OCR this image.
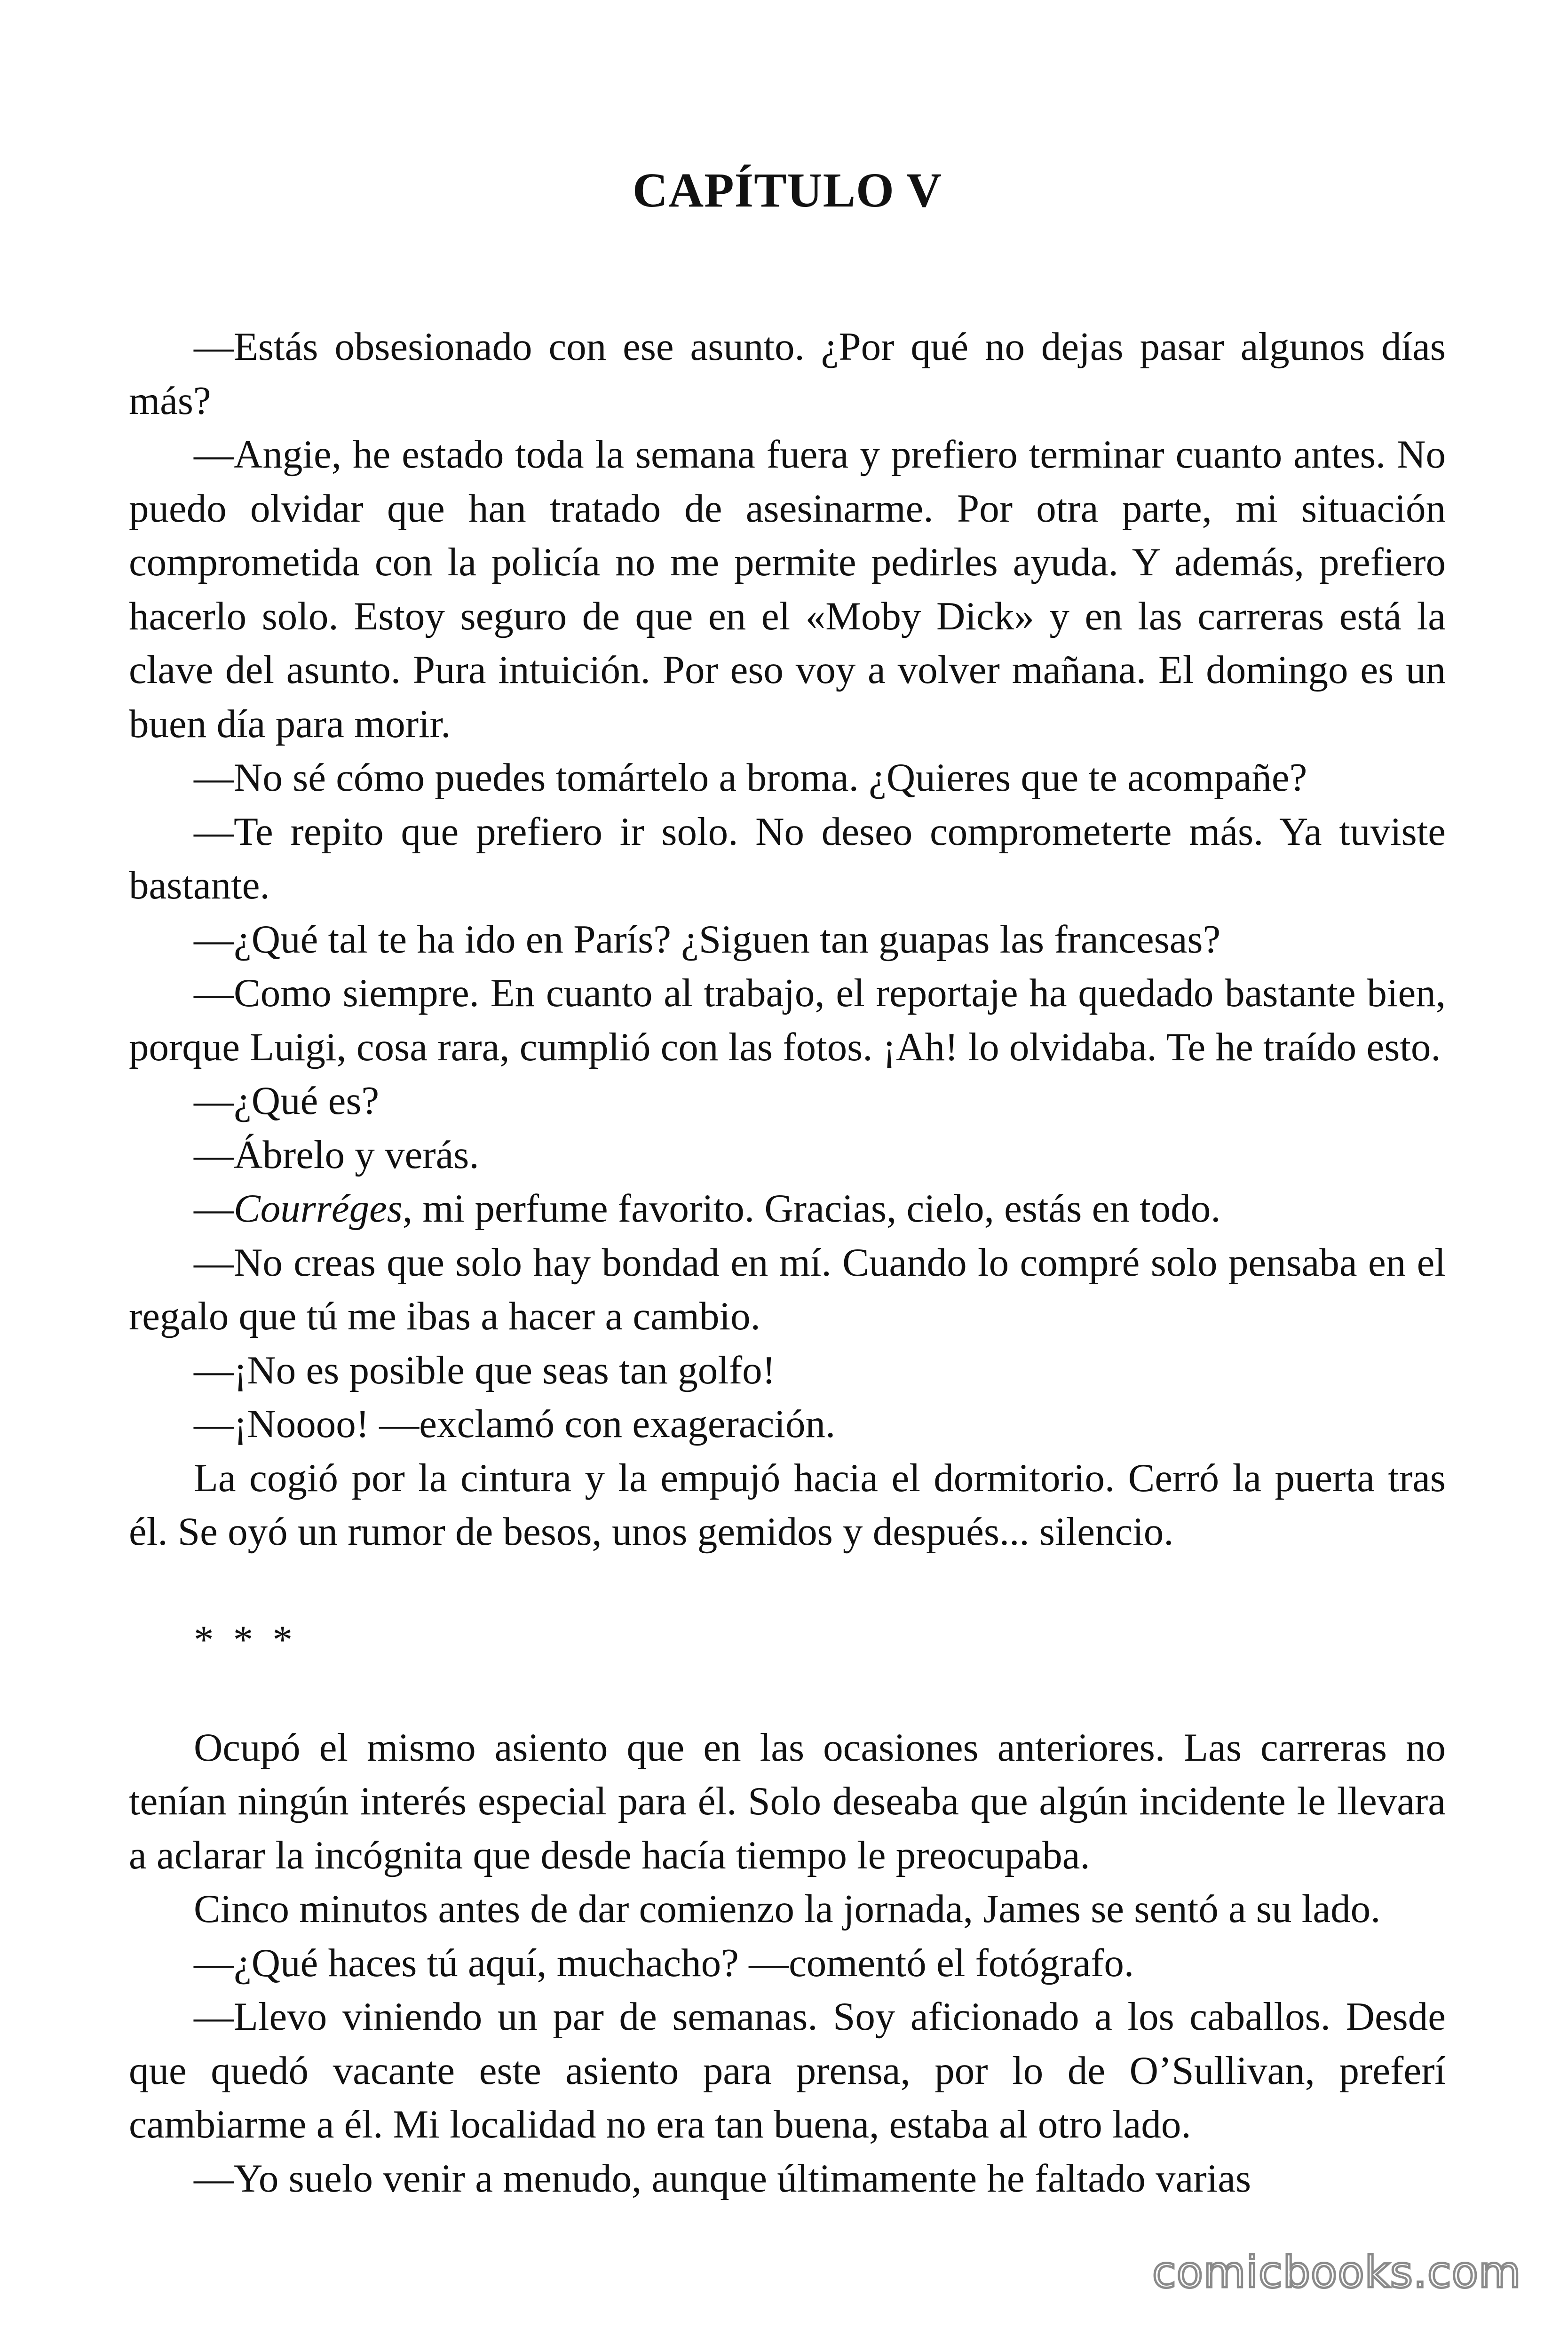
CAPÍTULO V

—Estás obsesionado con ese asunto. ¿Por qué no dejas pasar algunos días más?

—Angie, he estado toda la semana fuera y prefiero terminar cuanto antes. No puedo olvidar que han tratado de asesinarme. Por otra parte, mi situación comprometida con la policía no me permite pedirles ayuda. Y además, prefiero hacerlo solo. Estoy seguro de que en el «Moby Dick» y en las carreras está la clave del asunto. Pura intuición. Por eso voy a volver mañana. El domingo es un buen día para morir.

—No sé cómo puedes tomártelo a broma. ¿Quieres que te acompañe?

—Te repito que prefiero ir solo. No deseo comprometerte más. Ya tuviste bastante.

—¿Qué tal te ha ido en París? ¿Siguen tan guapas las francesas?

—Como siempre. En cuanto al trabajo, el reportaje ha quedado bastante bien, porque Luigi, cosa rara, cumplió con las fotos. ¡Ah! lo olvidaba. Te he traído esto.

—¿Qué es?

—Ábrelo y verás.

—Courréges, mi perfume favorito. Gracias, cielo, estás en todo.

—No creas que solo hay bondad en mí. Cuando lo compré solo pensaba en el regalo que tú me ibas a hacer a cambio.

—¡No es posible que seas tan golfo!

—¡Noooo! —exclamó con exageración.

La cogió por la cintura y la empujó hacia el dormitorio. Cerró la puerta tras él. Se oyó un rumor de besos, unos gemidos y después... silencio.

* * *

Ocupó el mismo asiento que en las ocasiones anteriores. Las carreras no tenían ningún interés especial para él. Solo deseaba que algún incidente le llevara a aclarar la incógnita que desde hacía tiempo le preocupaba.

Cinco minutos antes de dar comienzo la jornada, James se sentó a su lado.

—¿Qué haces tú aquí, muchacho? —comentó el fotógrafo.

—Llevo viniendo un par de semanas. Soy aficionado a los caballos. Desde que quedó vacante este asiento para prensa, por lo de O’Sullivan, preferí cambiarme a él. Mi localidad no era tan buena, estaba al otro lado.

—Yo suelo venir a menudo, aunque últimamente he faltado varias

comicbooks.com
